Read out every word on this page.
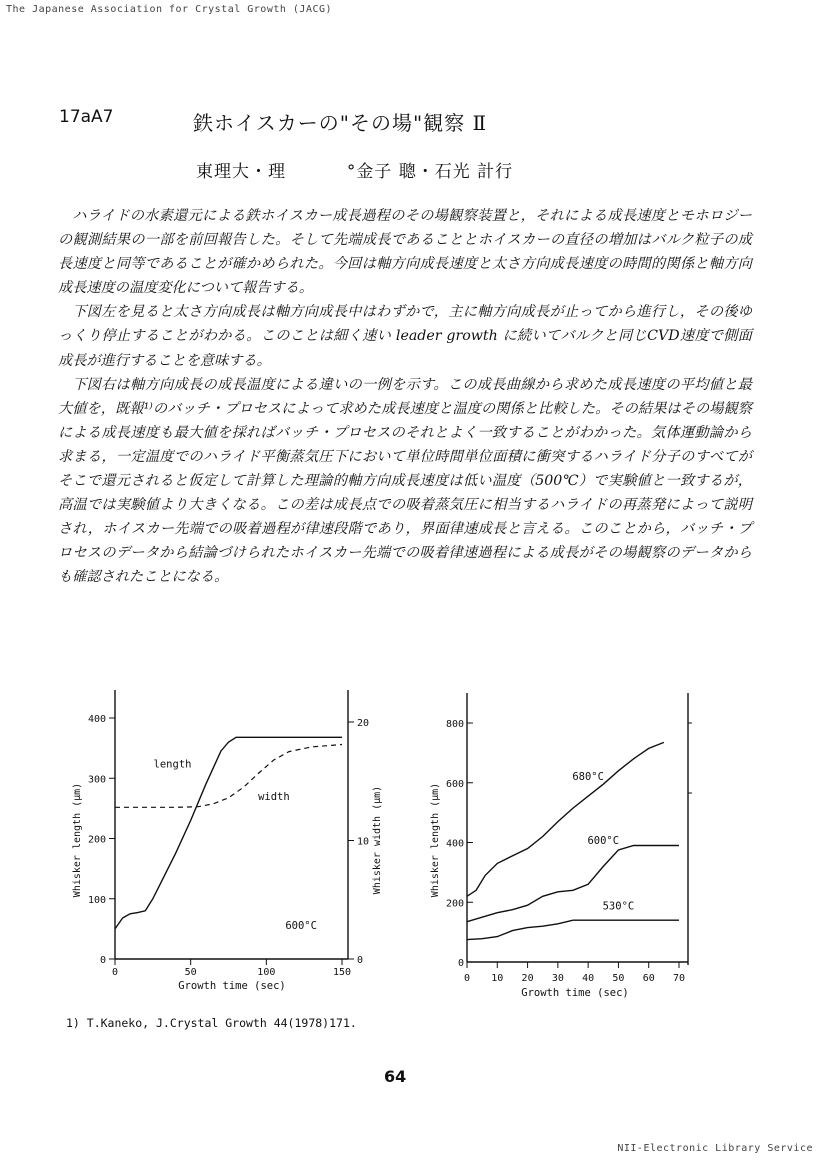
The Japanese Association for Crystal Growth (JACG)
17aA7	鉄ホイスカーの"その場"観察 Ⅱ
東理大・理	°金子 聰・石光 計行

ハライドの水素還元による鉄ホイスカー成長過程のその場観察装置と，それによる成長速度とモホロジーの観測結果の一部を前回報告した。そして先端成長であることとホイスカーの直径の増加はバルク粒子の成長速度と同等であることが確かめられた。今回は軸方向成長速度と太さ方向成長速度の時間的関係と軸方向成長速度の温度変化について報告する。

下図左を見ると太さ方向成長は軸方向成長中はわずかで，主に軸方向成長が止ってから進行し，その後ゆっくり停止することがわかる。このことは細く速い leader growth に続いてバルクと同じCVD速度で側面成長が進行することを意味する。

下図右は軸方向成長の成長温度による違いの一例を示す。この成長曲線から求めた成長速度の平均値と最大値を，既報¹⁾のバッチ・プロセスによって求めた成長速度と温度の関係と比較した。その結果はその場観察による成長速度も最大値を採ればバッチ・プロセスのそれとよく一致することがわかった。気体運動論から求まる，一定温度でのハライド平衡蒸気圧下において単位時間単位面積に衝突するハライド分子のすべてがそこで還元されると仮定して計算した理論的軸方向成長速度は低い温度（500℃）で実験値と一致するが，高温では実験値より大きくなる。この差は成長点での吸着蒸気圧に相当するハライドの再蒸発によって説明され，ホイスカー先端での吸着過程が律速段階であり，界面律速成長と言える。このことから，バッチ・プロセスのデータから結論づけられたホイスカー先端での吸着律速過程による成長がその場観察のデータからも確認されたことになる。

0
100
200
300
400
0
10
20
0	50	100	150
Growth time (sec)
Whisker length (μm)	Whisker width (μm)
length
width
600°C
0
200
400
600
800
0 10 20 30 40 50 60 70
Growth time (sec)
Whisker length (μm)
680°C
600°C
530°C
1) T.Kaneko, J.Crystal Growth 44(1978)171.
64
NII-Electronic Library Service
